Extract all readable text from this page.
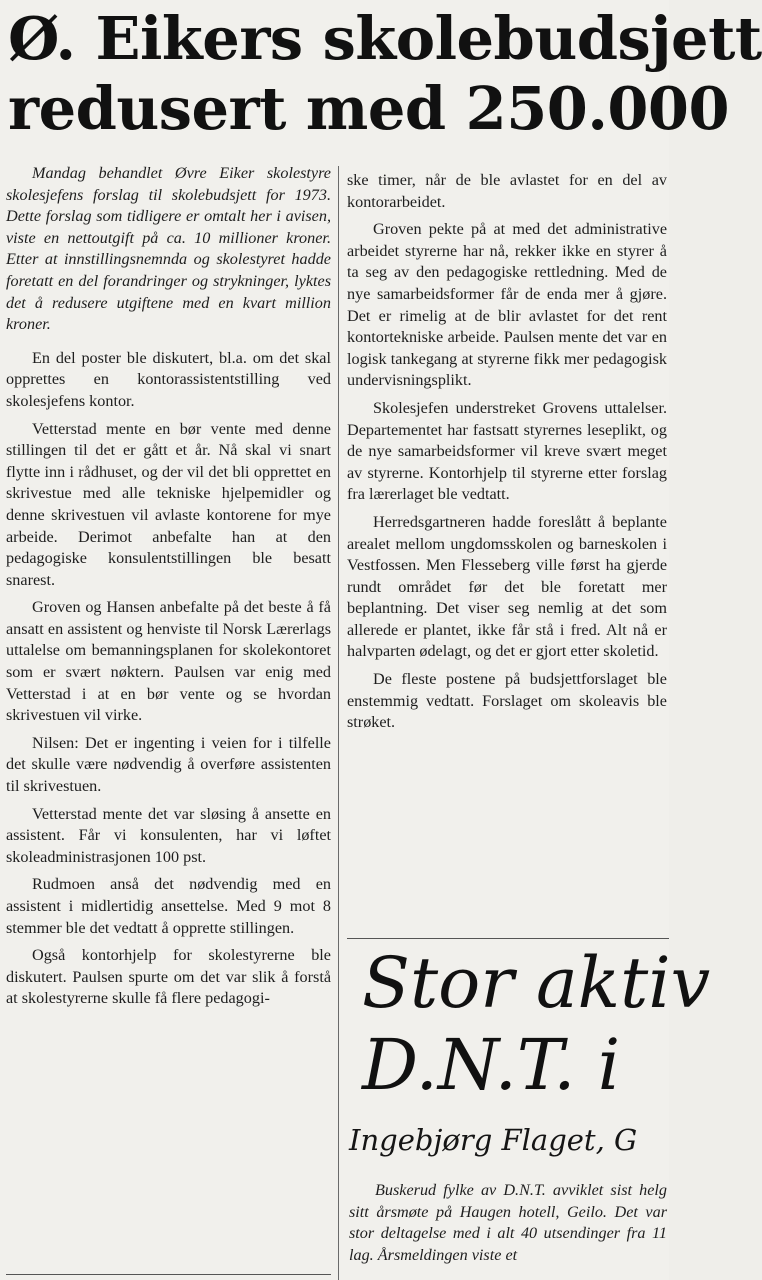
Ø. Eikers skolebudsjett
redusert med 250.000

Mandag behandlet Øvre Eiker skolestyre skolesjefens forslag til skolebudsjett for 1973. Dette forslag som tidligere er omtalt her i avisen, viste en nettoutgift på ca. 10 millioner kroner. Etter at innstillingsnemnda og skolestyret hadde foretatt en del forandringer og strykninger, lyktes det å redusere utgiftene med en kvart million kroner.

En del poster ble diskutert, bl.a. om det skal opprettes en kontorassistentstilling ved skolesjefens kontor.

Vetterstad mente en bør vente med denne stillingen til det er gått et år. Nå skal vi snart flytte inn i rådhuset, og der vil det bli opprettet en skrivestue med alle tekniske hjelpemidler og denne skrivestuen vil avlaste kontorene for mye arbeide. Derimot anbefalte han at den pedagogiske konsulentstillingen ble besatt snarest.

Groven og Hansen anbefalte på det beste å få ansatt en assistent og henviste til Norsk Lærerlags uttalelse om bemanningsplanen for skolekontoret som er svært nøktern. Paulsen var enig med Vetterstad i at en bør vente og se hvordan skrivestuen vil virke.

Nilsen: Det er ingenting i veien for i tilfelle det skulle være nødvendig å overføre assistenten til skrivestuen.

Vetterstad mente det var sløsing å ansette en assistent. Får vi konsulenten, har vi løftet skoleadministrasjonen 100 pst.

Rudmoen anså det nødvendig med en assistent i midlertidig ansettelse. Med 9 mot 8 stemmer ble det vedtatt å opprette stillingen.

Også kontorhjelp for skolestyrerne ble diskutert. Paulsen spurte om det var slik å forstå at skolestyrerne skulle få flere pedagogi-

ske timer, når de ble avlastet for en del av kontorarbeidet.

Groven pekte på at med det administrative arbeidet styrerne har nå, rekker ikke en styrer å ta seg av den pedagogiske rettledning. Med de nye samarbeidsformer får de enda mer å gjøre. Det er rimelig at de blir avlastet for det rent kontortekniske arbeide. Paulsen mente det var en logisk tankegang at styrerne fikk mer pedagogisk undervisningsplikt.

Skolesjefen understreket Grovens uttalelser. Departementet har fastsatt styrernes leseplikt, og de nye samarbeidsformer vil kreve svært meget av styrerne. Kontorhjelp til styrerne etter forslag fra lærerlaget ble vedtatt.

Herredsgartneren hadde foreslått å beplante arealet mellom ungdomsskolen og barneskolen i Vestfossen. Men Flesseberg ville først ha gjerde rundt området før det ble foretatt mer beplantning. Det viser seg nemlig at det som allerede er plantet, ikke får stå i fred. Alt nå er halvparten ødelagt, og det er gjort etter skoletid.

De fleste postene på budsjettforslaget ble enstemmig vedtatt. Forslaget om skoleavis ble strøket.

Stor aktiv
D.N.T. i
Ingebjørg Flaget, G
Buskerud fylke av D.N.T. avviklet sist helg sitt årsmøte på Haugen hotell, Geilo. Det var stor deltagelse med i alt 40 utsendinger fra 11 lag. Årsmeldingen viste et
